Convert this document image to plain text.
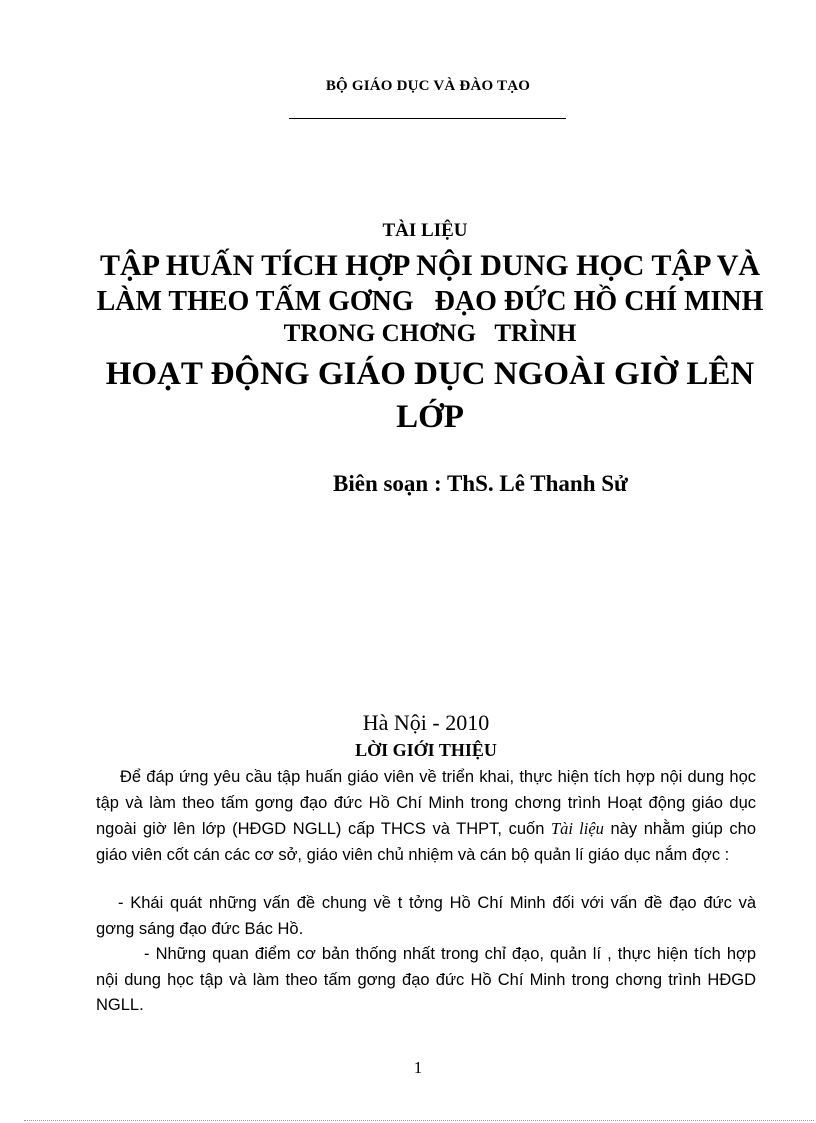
BỘ GIÁO DỤC VÀ ĐÀO TẠO
TÀI LIỆU
TẬP HUẤN TÍCH HỢP NỘI DUNG HỌC TẬP VÀ
LÀM THEO TẤM GƠNG   ĐẠO ĐỨC HỒ CHÍ MINH
TRONG CHƠNG   TRÌNH
HOẠT ĐỘNG GIÁO DỤC NGOÀI GIỜ LÊN
LỚP
Biên soạn : ThS. Lê Thanh Sử
Hà Nội - 2010
LỜI GIỚI THIỆU
Để đáp ứng yêu cầu tập huấn giáo viên về triển khai, thực hiện tích hợp nội dung học tập và làm theo tấm gơng đạo đức Hồ Chí Minh trong chơng trình Hoạt động giáo dục ngoài giờ lên lớp (HĐGD NGLL) cấp THCS và THPT, cuốn Tài liệu này nhằm giúp cho giáo viên cốt cán các cơ sở, giáo viên chủ nhiệm và cán bộ quản lí giáo dục nắm đợc :
- Khái quát những vấn đề chung về t tởng Hồ Chí Minh đối với vấn đề đạo đức và gơng sáng đạo đức Bác Hồ.
- Những quan điểm cơ bản thống nhất trong chỉ đạo, quản lí , thực hiện tích hợp nội dung học tập và làm theo tấm gơng đạo đức Hồ Chí Minh trong chơng trình HĐGD NGLL.
1
